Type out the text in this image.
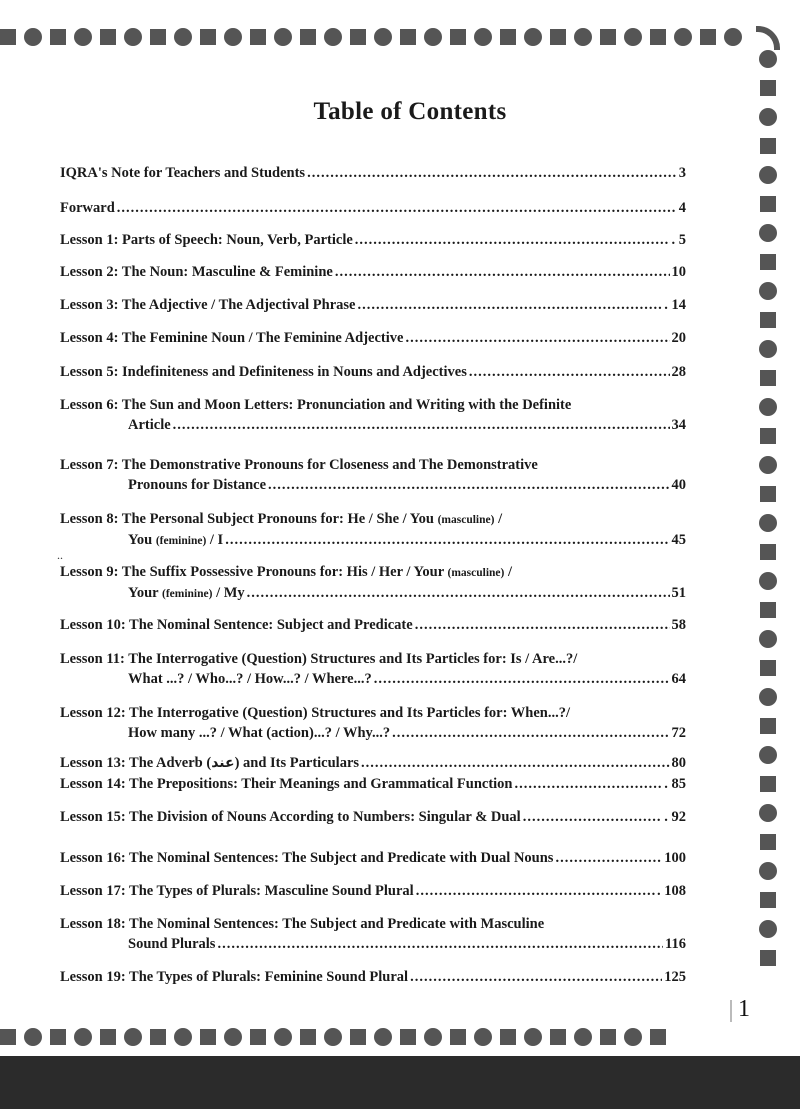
Table of Contents
IQRA's Note for Teachers and Students .....	3
Forward .....	4
Lesson 1: Parts of Speech: Noun, Verb, Particle .....	. 5
Lesson 2: The Noun: Masculine & Feminine .....	10
Lesson 3: The Adjective / The Adjectival Phrase .....	. 14
Lesson 4: The Feminine Noun / The Feminine Adjective .....	20
Lesson 5: Indefiniteness and Definiteness in Nouns and Adjectives .....	28
Lesson 6: The Sun and Moon Letters: Pronunciation and Writing with the Definite
Article .....	34
Lesson 7: The Demonstrative Pronouns for Closeness and The Demonstrative
Pronouns for Distance .....	40
Lesson 8: The Personal Subject Pronouns for: He / She / You (masculine) /
You (feminine) / I .....	45
..
Lesson 9: The Suffix Possessive Pronouns for: His / Her / Your (masculine) /
Your (feminine) / My .....	51
Lesson 10: The Nominal Sentence: Subject and Predicate .....	58
Lesson 11: The Interrogative (Question) Structures and Its Particles for: Is / Are...?/
What ...? / Who...? / How...? / Where...? .....	64
Lesson 12: The Interrogative (Question) Structures and Its Particles for: When...?/
How many ...? / What (action)...? / Why...? .....	72
Lesson 13: The Adverb (عند) and Its Particulars .....	80
Lesson 14: The Prepositions: Their Meanings and Grammatical Function .....	. 85
Lesson 15: The Division of Nouns According to Numbers: Singular & Dual .....	. 92
Lesson 16: The Nominal Sentences: The Subject and Predicate with Dual Nouns .....	100
Lesson 17: The Types of Plurals: Masculine Sound Plural .....	. 108
Lesson 18: The Nominal Sentences: The Subject and Predicate with Masculine
Sound Plurals .....	116
Lesson 19: The Types of Plurals: Feminine Sound Plural .....	125
1
